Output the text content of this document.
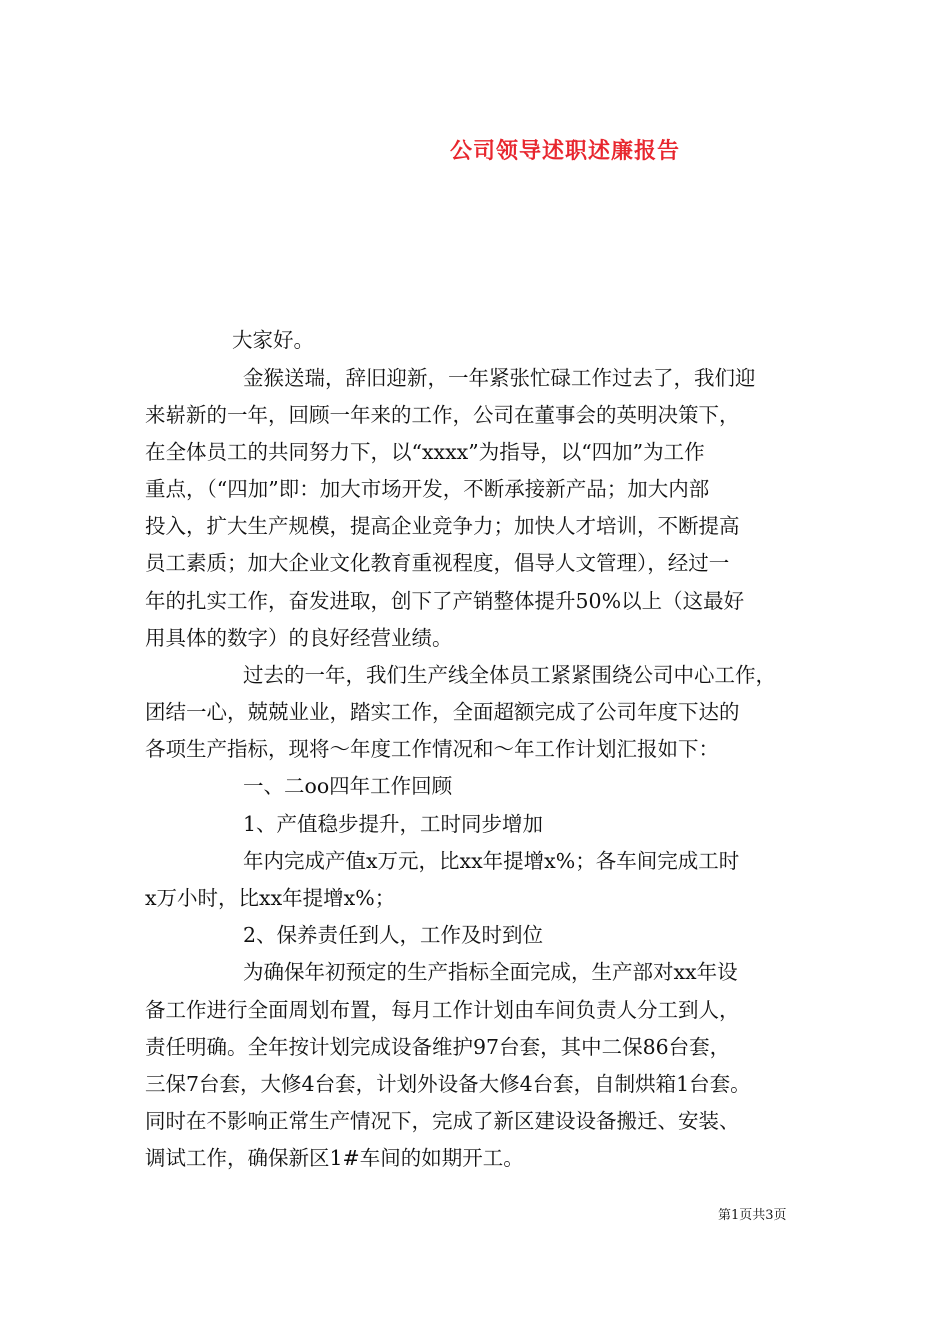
公司领导述职述廉报告
大家好。
金猴送瑞，辞旧迎新，一年紧张忙碌工作过去了，我们迎
来崭新的一年，回顾一年来的工作，公司在董事会的英明决策下，
在全体员工的共同努力下，以“xxxx”为指导，以“四加”为工作
重点，（“四加”即：加大市场开发，不断承接新产品；加大内部
投入，扩大生产规模，提高企业竞争力；加快人才培训，不断提高
员工素质；加大企业文化教育重视程度，倡导人文管理），经过一
年的扎实工作，奋发进取，创下了产销整体提升50%以上（这最好
用具体的数字）的良好经营业绩。
过去的一年，我们生产线全体员工紧紧围绕公司中心工作，
团结一心，兢兢业业，踏实工作，全面超额完成了公司年度下达的
各项生产指标，现将～年度工作情况和～年工作计划汇报如下：
一、二oo四年工作回顾
1、产值稳步提升，工时同步增加
年内完成产值x万元，比xx年提增x%；各车间完成工时
x万小时，比xx年提增x%；
2、保养责任到人，工作及时到位
为确保年初预定的生产指标全面完成，生产部对xx年设
备工作进行全面周划布置，每月工作计划由车间负责人分工到人，
责任明确。全年按计划完成设备维护97台套，其中二保86台套，
三保7台套，大修4台套，计划外设备大修4台套，自制烘箱1台套。
同时在不影响正常生产情况下，完成了新区建设设备搬迁、安装、
调试工作，确保新区1#车间的如期开工。
第1页共3页
